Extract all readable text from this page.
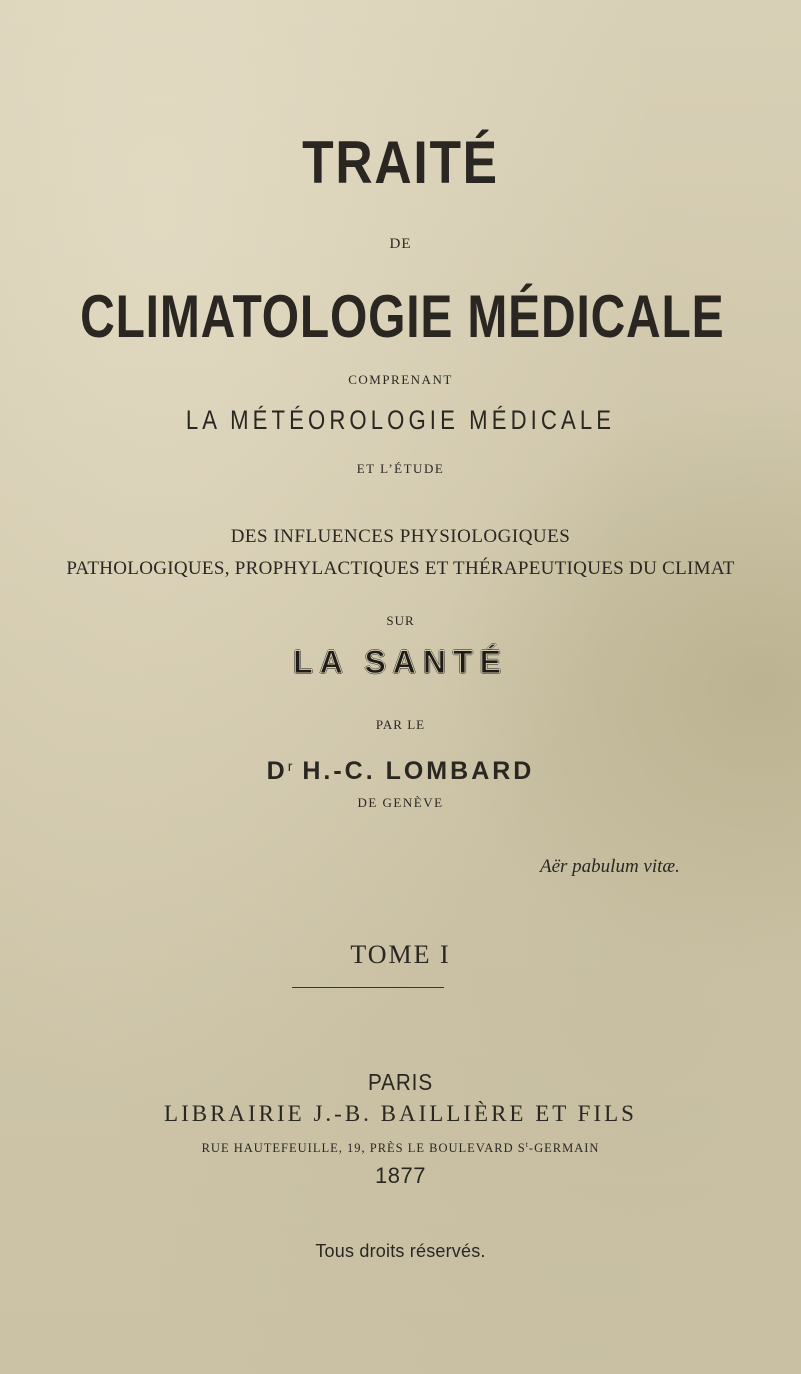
TRAITÉ
DE
CLIMATOLOGIE MÉDICALE
COMPRENANT
LA MÉTÉOROLOGIE MÉDICALE
ET L’ÉTUDE
DES INFLUENCES PHYSIOLOGIQUES
PATHOLOGIQUES, PROPHYLACTIQUES ET THÉRAPEUTIQUES DU CLIMAT
SUR
LA SANTÉ
PAR LE
$D^r$ H.-C. LOMBARD
DE GENÈVE
Aër pabulum vitæ.
TOME I
PARIS
LIBRAIRIE J.-B. BAILLIÈRE ET FILS
RUE HAUTEFEUILLE, 19, PRÈS LE BOULEVARD $S^t$-GERMAIN
1877
Tous droits réservés.
